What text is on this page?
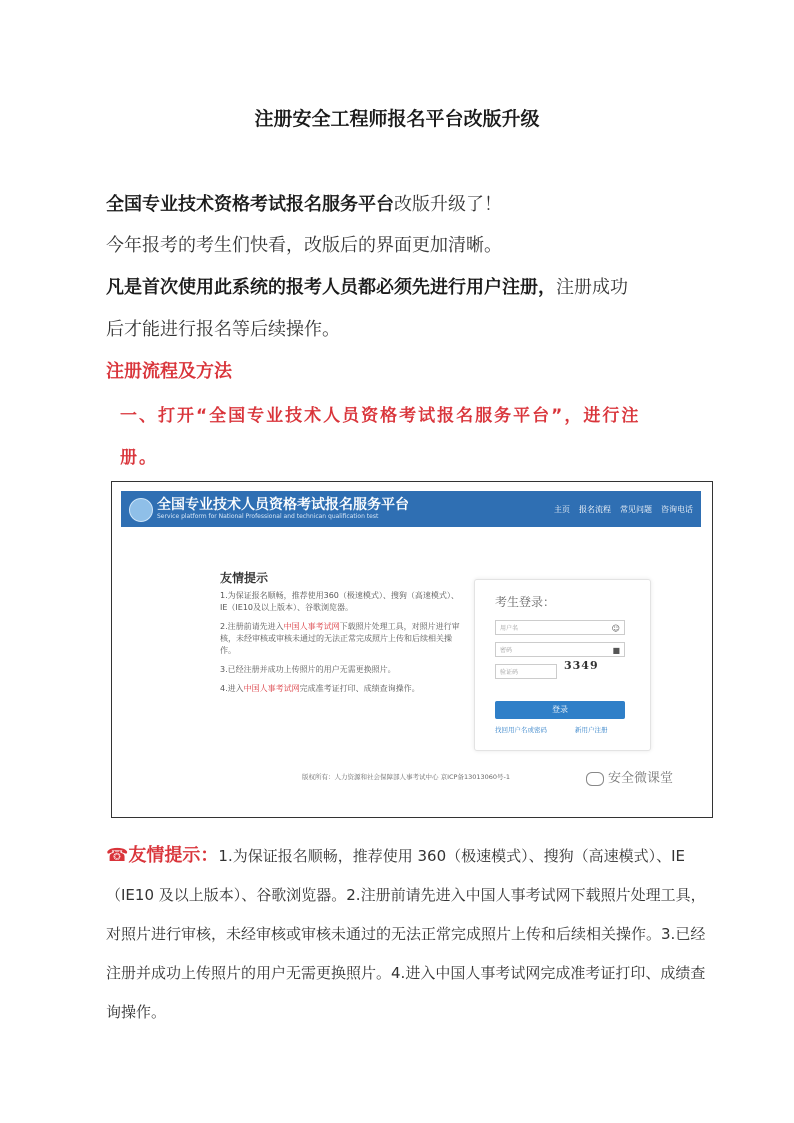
注册安全工程师报名平台改版升级
全国专业技术资格考试报名服务平台改版升级了！
今年报考的考生们快看，改版后的界面更加清晰。
凡是首次使用此系统的报考人员都必须先进行用户注册，注册成功
后才能进行报名等后续操作。
注册流程及方法
一、打开“全国专业技术人员资格考试报名服务平台”，进行注
册。
全国专业技术人员资格考试报名服务平台
Service platform for National Professional and technican qualification test
主页 报名流程 常见问题 咨询电话
友情提示

1.为保证报名顺畅，推荐使用360（极速模式）、搜狗（高速模式）、IE（IE10及以上版本）、谷歌浏览器。

2.注册前请先进入中国人事考试网下载照片处理工具，对照片进行审核，未经审核或审核未通过的无法正常完成照片上传和后续相关操作。

3.已经注册并成功上传照片的用户无需更换照片。

4.进入中国人事考试网完成准考证打印、成绩查询操作。

考生登录：
用户名	☺
密码	■
验证码
3349
登录
找回用户名或密码	新用户注册
版权所有：人力资源和社会保障部人事考试中心 京ICP备13013060号-1	安全微课堂
☎友情提示：1.为保证报名顺畅，推荐使用 360（极速模式）、搜狗（高速模式）、IE（IE10 及以上版本）、谷歌浏览器。2.注册前请先进入中国人事考试网下载照片处理工具，对照片进行审核，未经审核或审核未通过的无法正常完成照片上传和后续相关操作。3.已经注册并成功上传照片的用户无需更换照片。4.进入中国人事考试网完成准考证打印、成绩查询操作。
